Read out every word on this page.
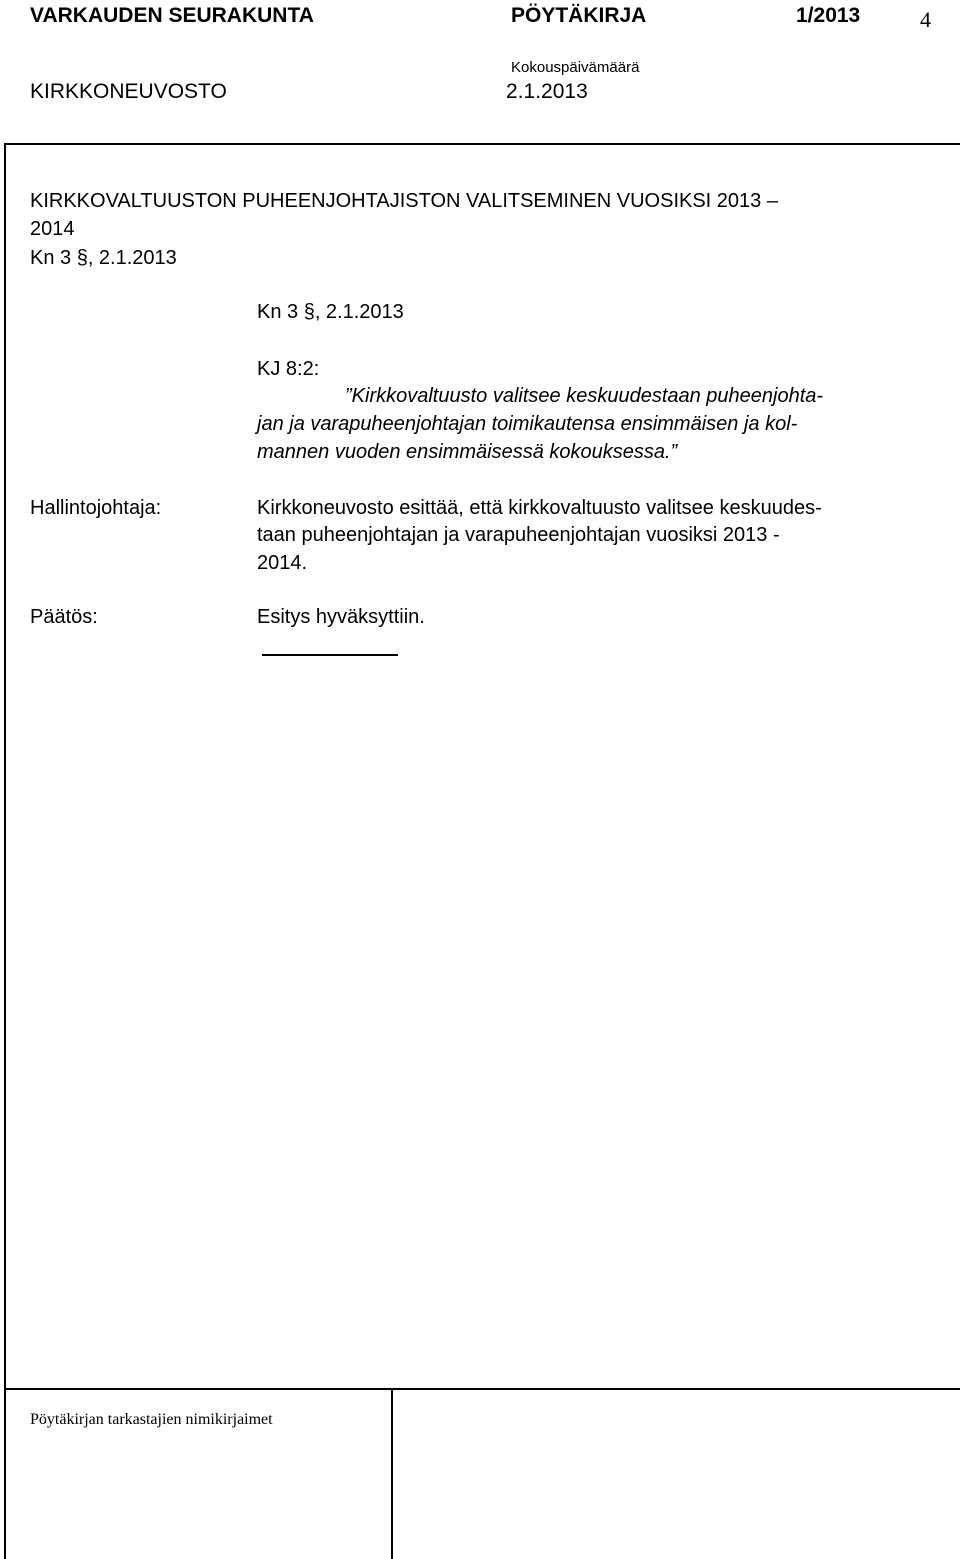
VARKAUDEN SEURAKUNTA	PÖYTÄKIRJA	1/2013	4
KIRKKONEUVOSTO
Kokouspäivämäärä
2.1.2013
KIRKKOVALTUUSTON PUHEENJOHTAJISTON VALITSEMINEN VUOSIKSI 2013 –
2014
Kn 3 §, 2.1.2013
Kn 3 §, 2.1.2013
KJ 8:2:
”Kirkkovaltuusto valitsee keskuudestaan puheenjohta-
jan ja varapuheenjohtajan toimikautensa ensimmäisen ja kol-
mannen vuoden ensimmäisessä kokouksessa.”
Hallintojohtaja:	Kirkkoneuvosto esittää, että kirkkovaltuusto valitsee keskuudes-
taan puheenjohtajan ja varapuheenjohtajan vuosiksi 2013 -
2014.
Päätös:	Esitys hyväksyttiin.
Pöytäkirjan tarkastajien nimikirjaimet
